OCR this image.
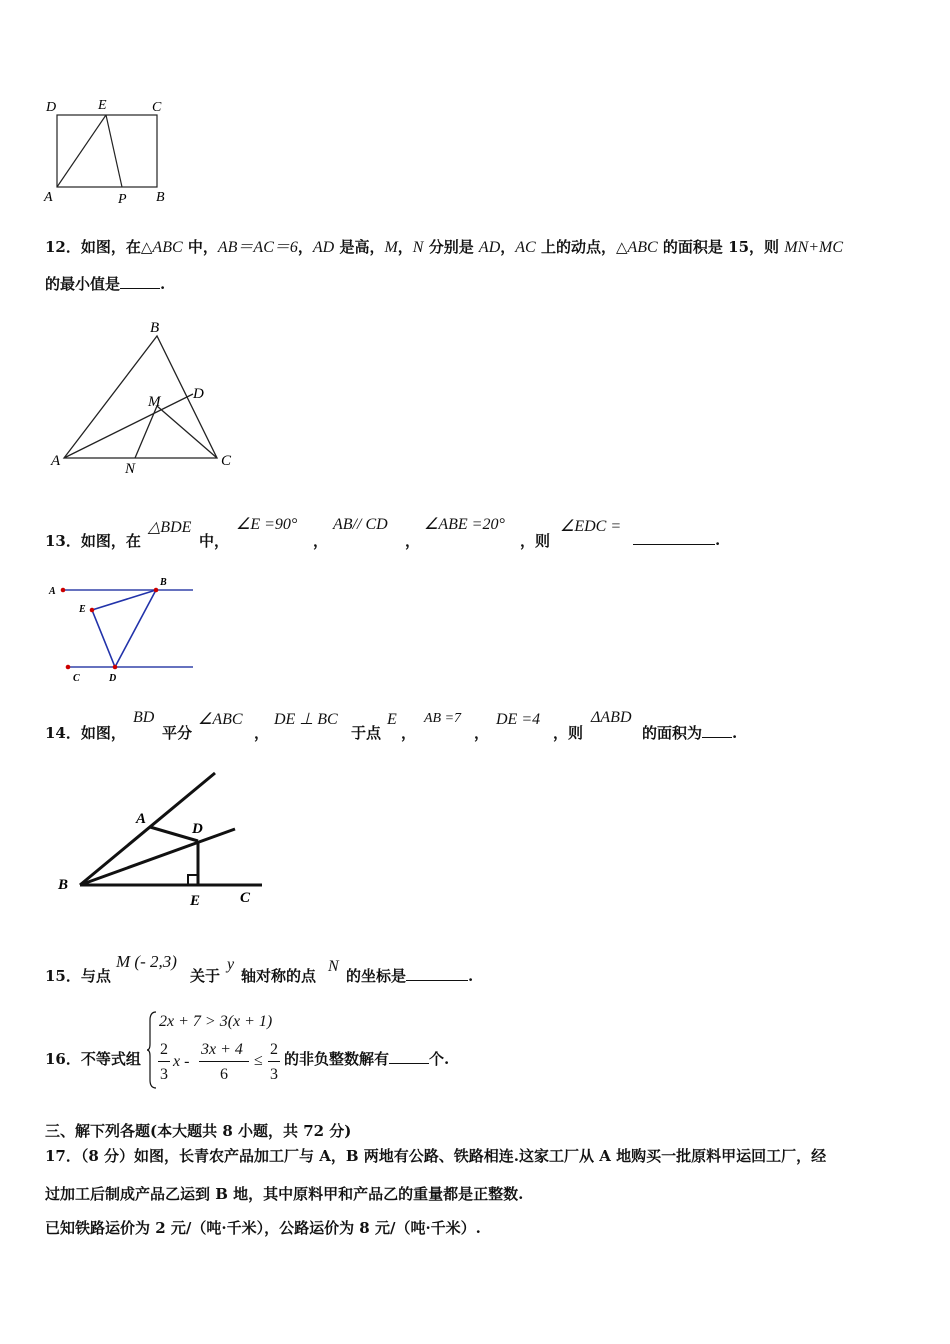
D	E	C
A	P B
12．如图，在△ABC 中，AB＝AC＝6，AD 是高，M，N 分别是 AD，AC 上的动点，△ABC 的面积是 15，则 MN+MC
的最小值是	.
B
D
M
A	N	C
13．如图，在
△BDE
中，
∠E =90°
，
AB// CD
，
∠ABE =20°
，则
∠EDC =
.
A
B
E
C	D
14．如图，
BD
平分
∠ABC
，
DE ⊥ BC
于点
E
，
AB =7
，
DE =4
，则
ΔABD
的面积为 .
A
D
B
E	C
15．与点
M (- 2,3)
关于
y
轴对称的点
N
的坐标是	.
16．不等式组
2x + 7 > 3(x + 1)
2
3
x -
3x + 4
6
≤
2
3
的非负整数解有	个.
三、解下列各题(本大题共 8 小题，共 72 分)
17．（8 分）如图，长青农产品加工厂与 A，B 两地有公路、铁路相连.这家工厂从 A 地购买一批原料甲运回工厂，经
过加工后制成产品乙运到 B 地，其中原料甲和产品乙的重量都是正整数.
已知铁路运价为 2 元/（吨·千米），公路运价为 8 元/（吨·千米）.
